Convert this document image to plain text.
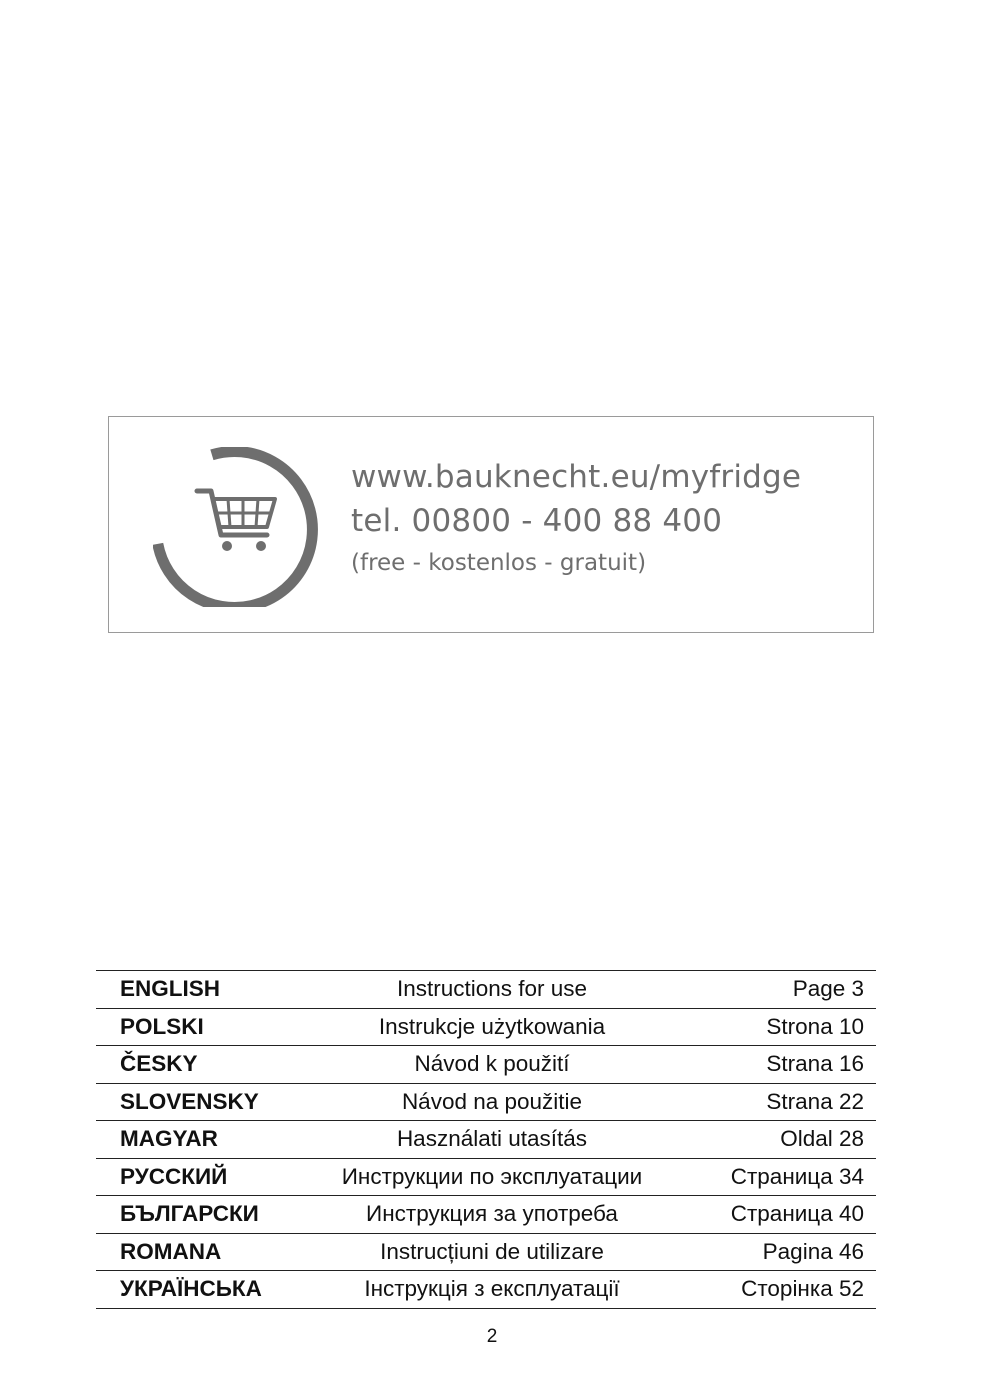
www.bauknecht.eu/myfridge
tel. 00800 - 400 88 400
(free - kostenlos - gratuit)
ENGLISH	Instructions for use	Page 3
POLSKI	Instrukcje użytkowania	Strona 10
ČESKY	Návod k použití	Strana 16
SLOVENSKY	Návod na použitie	Strana 22
MAGYAR	Használati utasítás	Oldal 28
РУССКИЙ	Инструкции по эксплуатации	Страница 34
БЪЛГАРСКИ	Инструкция за употреба	Страница 40
ROMANA	Instrucțiuni de utilizare	Pagina 46
УКРАЇНСЬКА	Інструкція з експлуатації	Сторінка 52
2
